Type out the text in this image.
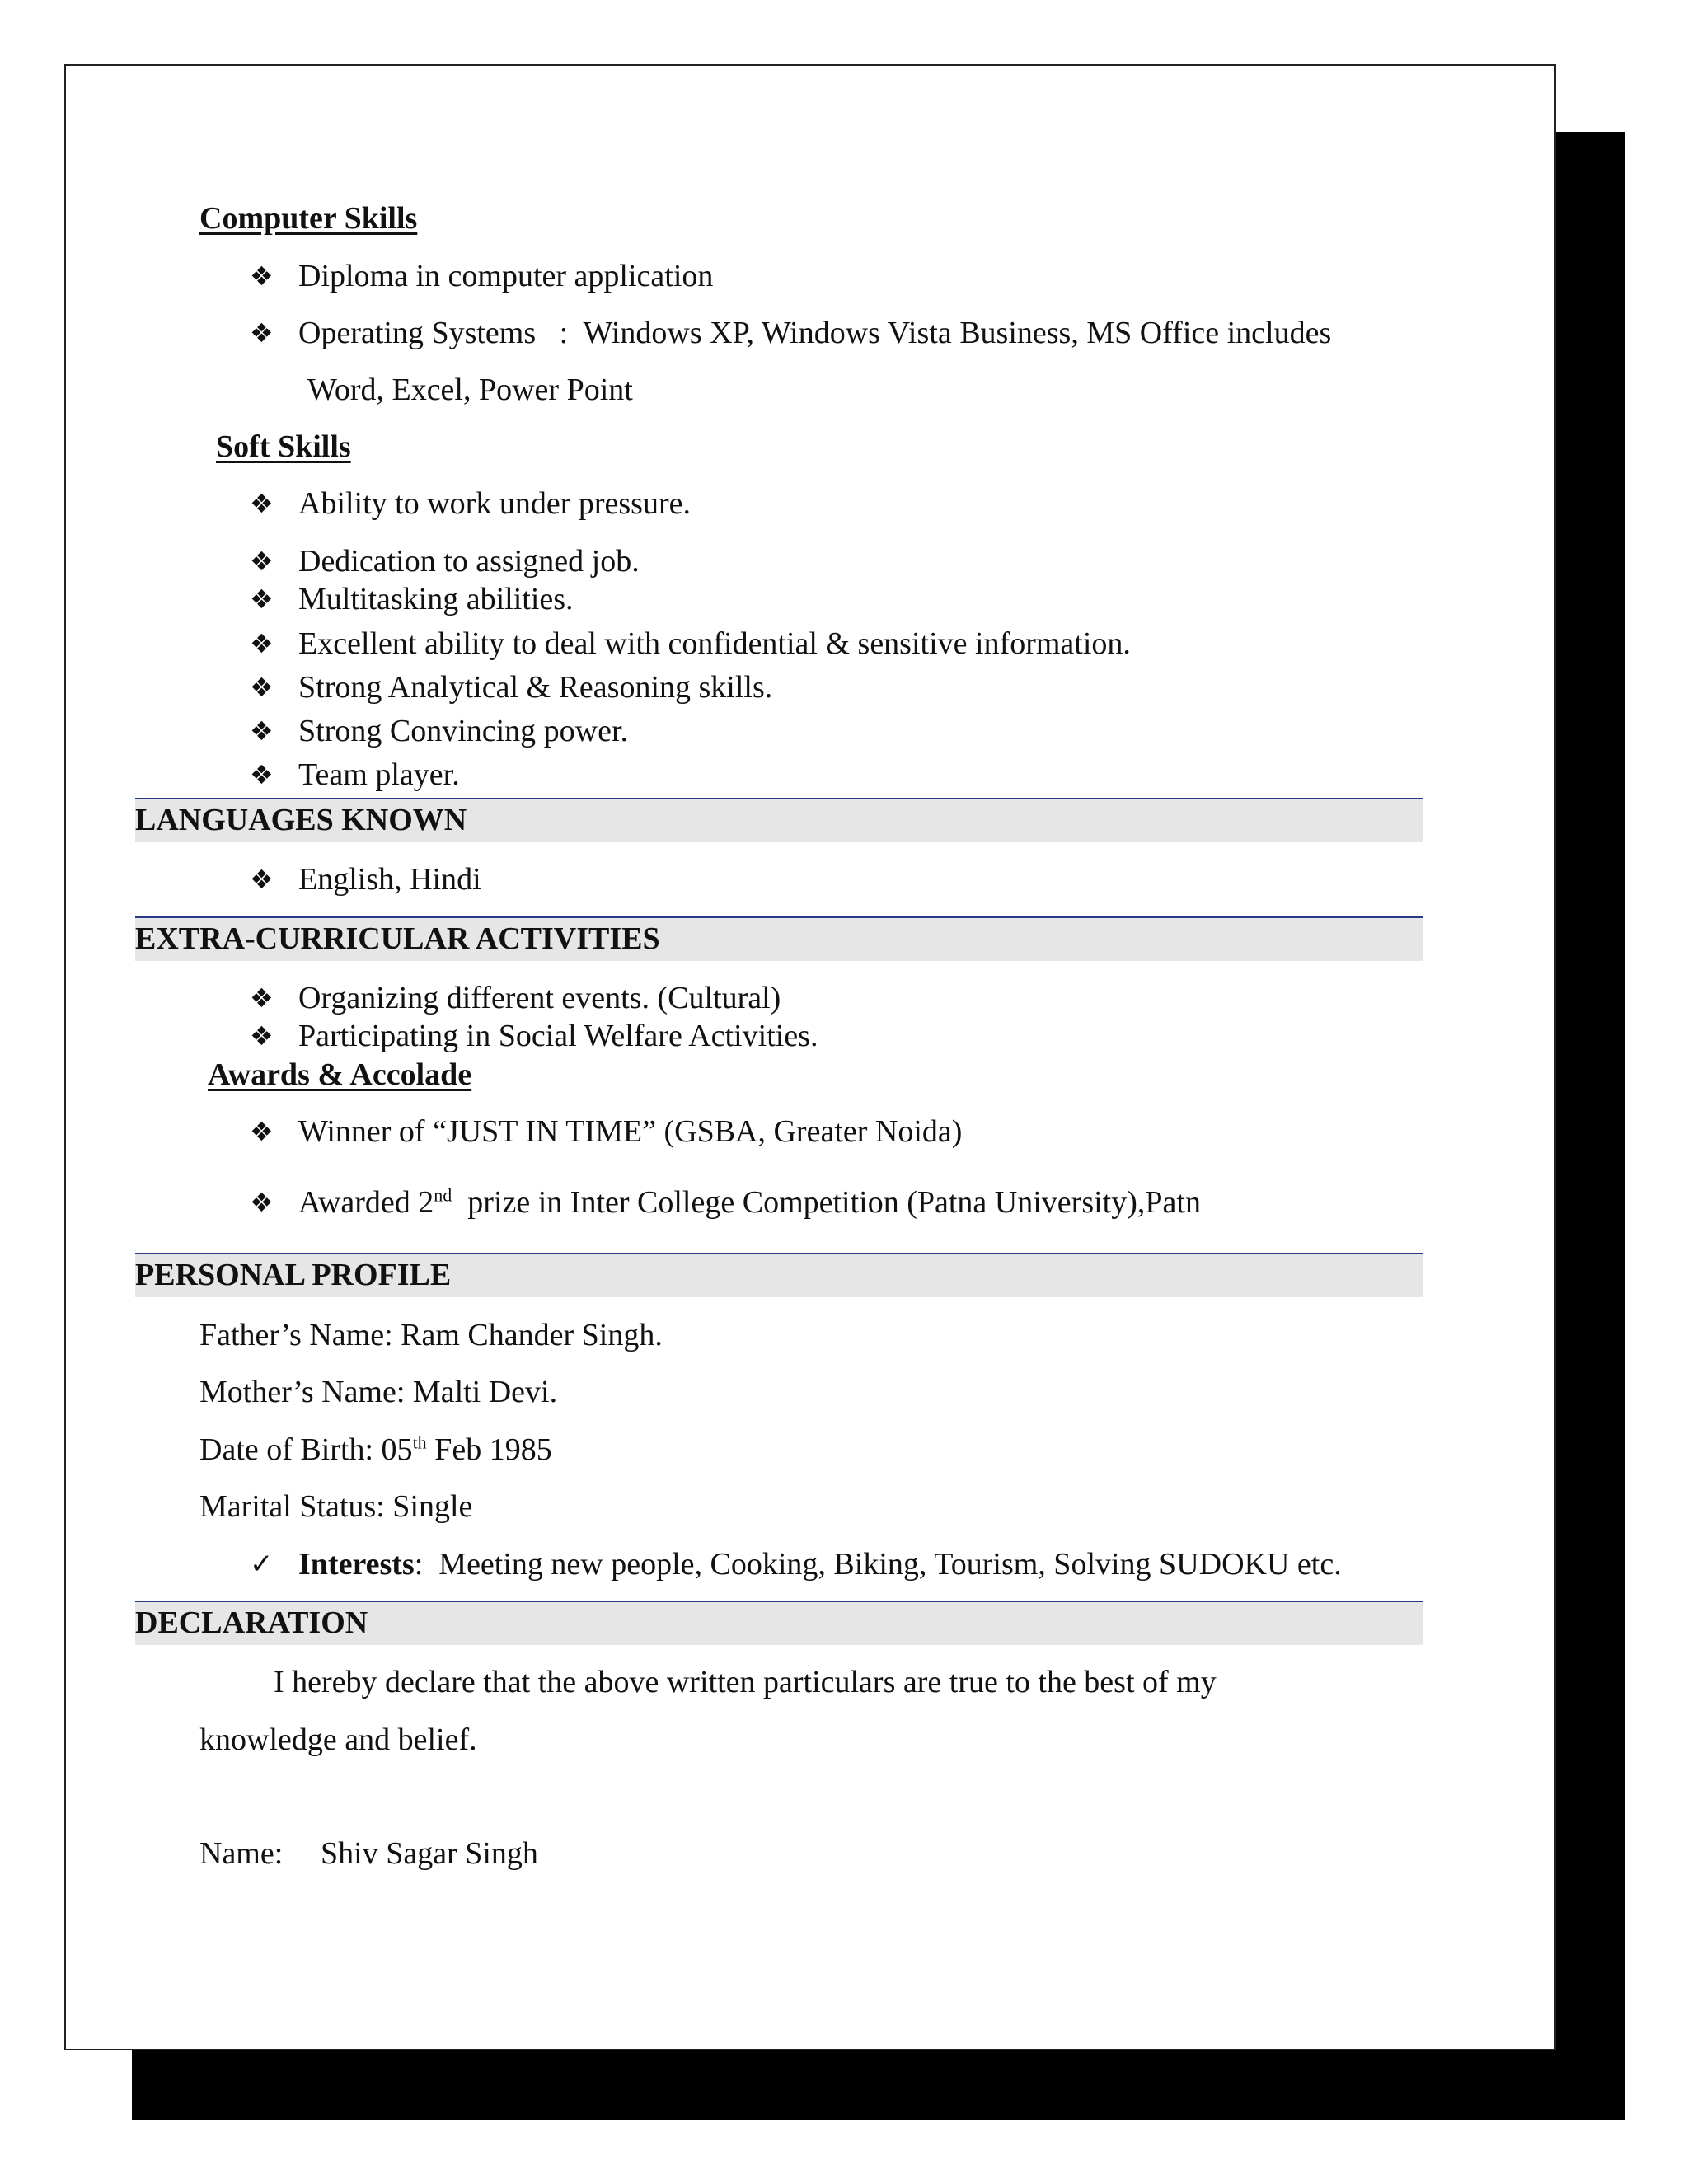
Computer Skills
❖ Diploma in computer application
❖ Operating Systems   :  Windows XP, Windows Vista Business, MS Office includes
Word, Excel, Power Point
Soft Skills
❖ Ability to work under pressure.
❖ Dedication to assigned job.
❖ Multitasking abilities.
❖ Excellent ability to deal with confidential & sensitive information.
❖ Strong Analytical & Reasoning skills.
❖ Strong Convincing power.
❖ Team player.
LANGUAGES KNOWN
❖ English, Hindi
EXTRA-CURRICULAR ACTIVITIES
❖ Organizing different events. (Cultural)
❖ Participating in Social Welfare Activities.
Awards & Accolade
❖ Winner of “JUST IN TIME” (GSBA, Greater Noida)
❖ Awarded 2nd  prize in Inter College Competition (Patna University),Patn
PERSONAL PROFILE
Father’s Name: Ram Chander Singh.
Mother’s Name: Malti Devi.
Date of Birth: 05th Feb 1985
Marital Status: Single
✓ Interests:  Meeting new people, Cooking, Biking, Tourism, Solving SUDOKU etc.
DECLARATION
I hereby declare that the above written particulars are true to the best of my
knowledge and belief.
Name: Shiv Sagar Singh
